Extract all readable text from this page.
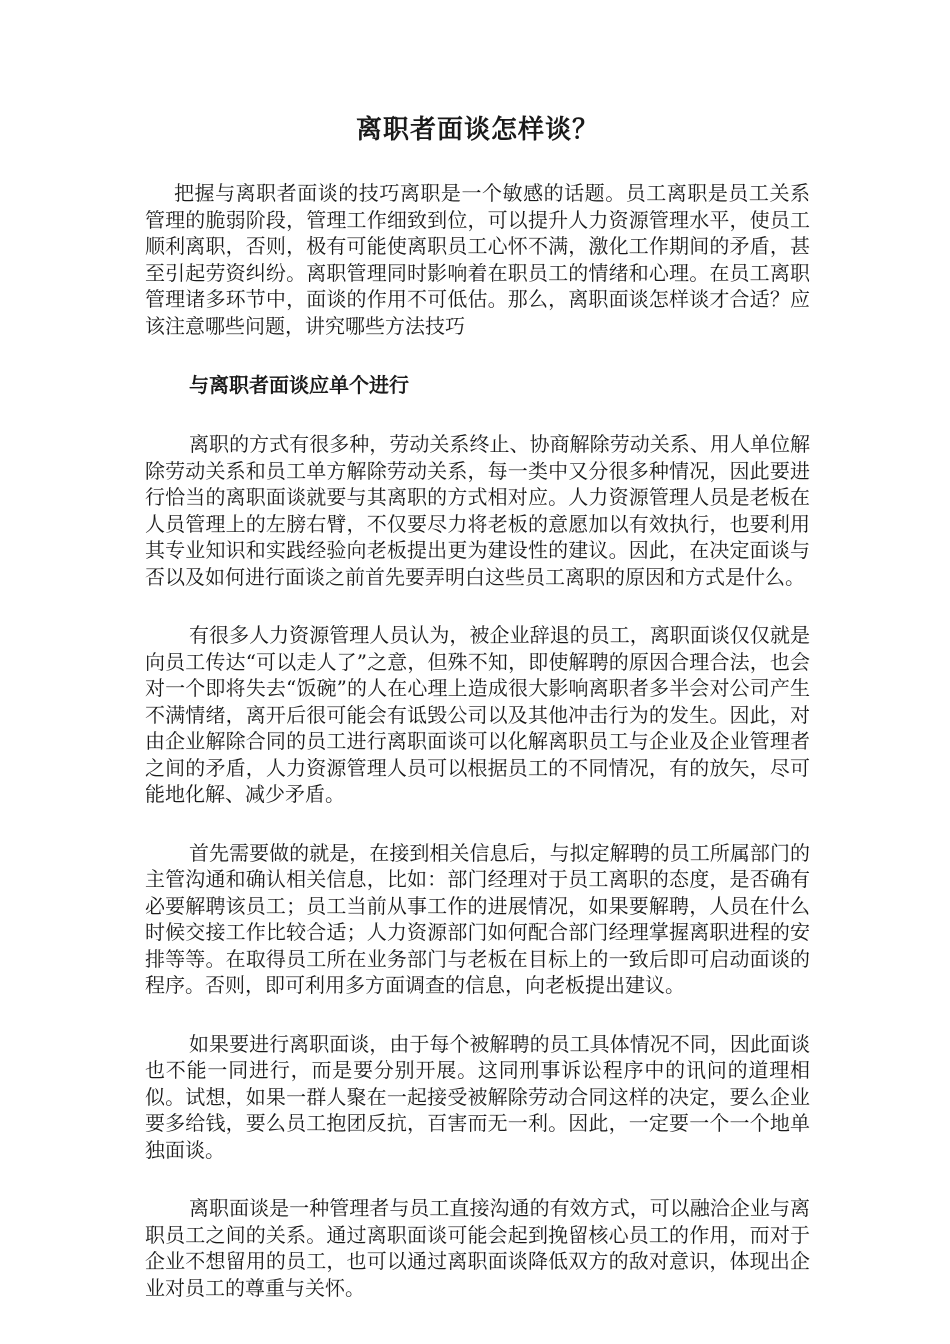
离职者面谈怎样谈？

把握与离职者面谈的技巧离职是一个敏感的话题。员工离职是员工关系管理的脆弱阶段，管理工作细致到位，可以提升人力资源管理水平，使员工顺利离职，否则，极有可能使离职员工心怀不满，激化工作期间的矛盾，甚至引起劳资纠纷。离职管理同时影响着在职员工的情绪和心理。在员工离职管理诸多环节中，面谈的作用不可低估。那么，离职面谈怎样谈才合适？应该注意哪些问题，讲究哪些方法技巧

与离职者面谈应单个进行

离职的方式有很多种，劳动关系终止、协商解除劳动关系、用人单位解除劳动关系和员工单方解除劳动关系，每一类中又分很多种情况，因此要进行恰当的离职面谈就要与其离职的方式相对应。人力资源管理人员是老板在人员管理上的左膀右臂，不仅要尽力将老板的意愿加以有效执行，也要利用其专业知识和实践经验向老板提出更为建设性的建议。因此，在决定面谈与否以及如何进行面谈之前首先要弄明白这些员工离职的原因和方式是什么。

有很多人力资源管理人员认为，被企业辞退的员工，离职面谈仅仅就是向员工传达“可以走人了”之意，但殊不知，即使解聘的原因合理合法，也会对一个即将失去“饭碗”的人在心理上造成很大影响离职者多半会对公司产生不满情绪，离开后很可能会有诋毁公司以及其他冲击行为的发生。因此，对由企业解除合同的员工进行离职面谈可以化解离职员工与企业及企业管理者之间的矛盾，人力资源管理人员可以根据员工的不同情况，有的放矢，尽可能地化解、减少矛盾。

首先需要做的就是，在接到相关信息后，与拟定解聘的员工所属部门的主管沟通和确认相关信息，比如：部门经理对于员工离职的态度，是否确有必要解聘该员工；员工当前从事工作的进展情况，如果要解聘，人员在什么时候交接工作比较合适；人力资源部门如何配合部门经理掌握离职进程的安排等等。在取得员工所在业务部门与老板在目标上的一致后即可启动面谈的程序。否则，即可利用多方面调查的信息，向老板提出建议。

如果要进行离职面谈，由于每个被解聘的员工具体情况不同，因此面谈也不能一同进行，而是要分别开展。这同刑事诉讼程序中的讯问的道理相似。试想，如果一群人聚在一起接受被解除劳动合同这样的决定，要么企业要多给钱，要么员工抱团反抗，百害而无一利。因此，一定要一个一个地单独面谈。

离职面谈是一种管理者与员工直接沟通的有效方式，可以融洽企业与离职员工之间的关系。通过离职面谈可能会起到挽留核心员工的作用，而对于企业不想留用的员工，也可以通过离职面谈降低双方的敌对意识，体现出企业对员工的尊重与关怀。
